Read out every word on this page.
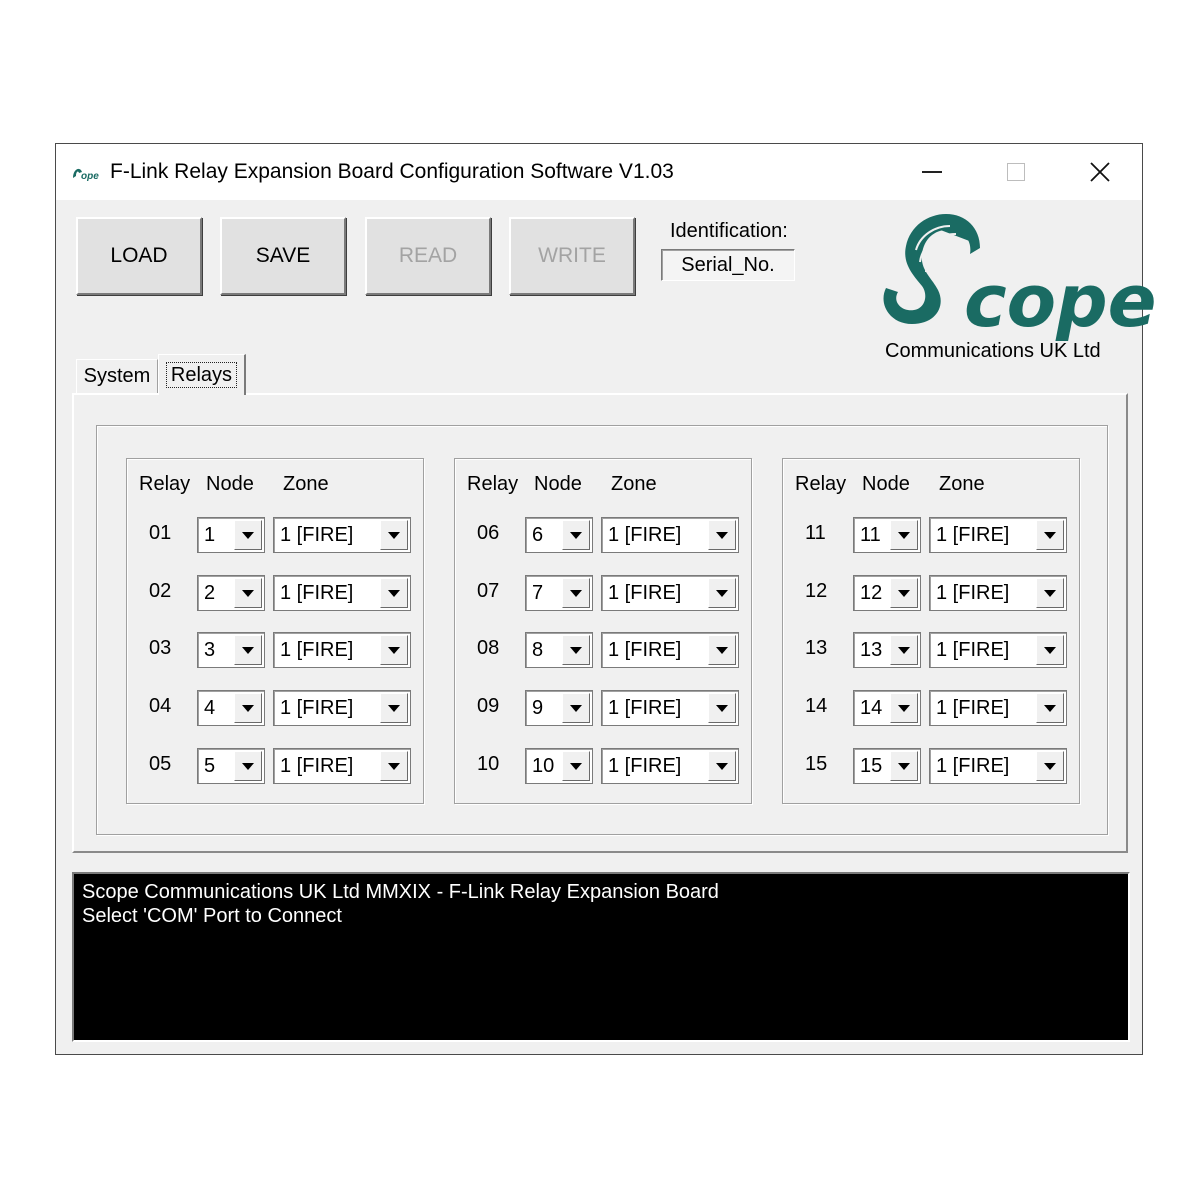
ope F-Link Relay Expansion Board Configuration Software V1.03
LOAD	SAVE	READ	WRITE
Identification:
Serial_No.	cope
Communications UK Ltd
System	Relays
Relay Node Zone
01 1	1 [FIRE]
02 2	1 [FIRE]
03 3	1 [FIRE]
04 4	1 [FIRE]
05 5	1 [FIRE]
Relay Node Zone
06 6	1 [FIRE]
07 7	1 [FIRE]
08 8	1 [FIRE]
09 9	1 [FIRE]
10 10	1 [FIRE]
Relay Node Zone
11 11	1 [FIRE]
12 12	1 [FIRE]
13 13	1 [FIRE]
14 14	1 [FIRE]
15 15	1 [FIRE]
Scope Communications UK Ltd MMXIX - F-Link Relay Expansion Board
Select 'COM' Port to Connect
